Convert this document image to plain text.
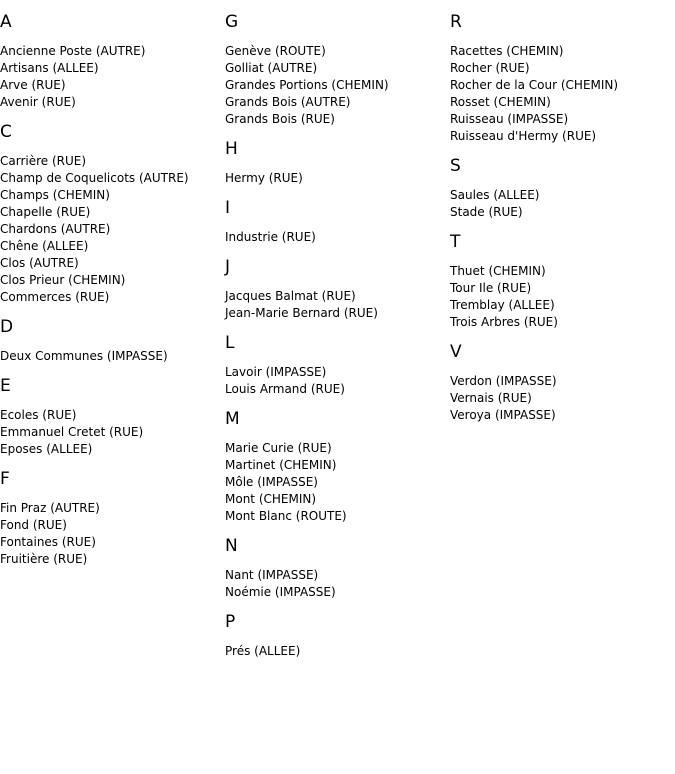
A
Ancienne Poste (AUTRE)
Artisans (ALLEE)
Arve (RUE)
Avenir (RUE)
C
Carrière (RUE)
Champ de Coquelicots (AUTRE)
Champs (CHEMIN)
Chapelle (RUE)
Chardons (AUTRE)
Chêne (ALLEE)
Clos (AUTRE)
Clos Prieur (CHEMIN)
Commerces (RUE)
D
Deux Communes (IMPASSE)
E
Ecoles (RUE)
Emmanuel Cretet (RUE)
Eposes (ALLEE)
F
Fin Praz (AUTRE)
Fond (RUE)
Fontaines (RUE)
Fruitière (RUE)
G
Genève (ROUTE)
Golliat (AUTRE)
Grandes Portions (CHEMIN)
Grands Bois (AUTRE)
Grands Bois (RUE)
H
Hermy (RUE)
I
Industrie (RUE)
J
Jacques Balmat (RUE)
Jean-Marie Bernard (RUE)
L
Lavoir (IMPASSE)
Louis Armand (RUE)
M
Marie Curie (RUE)
Martinet (CHEMIN)
Môle (IMPASSE)
Mont (CHEMIN)
Mont Blanc (ROUTE)
N
Nant (IMPASSE)
Noémie (IMPASSE)
P
Prés (ALLEE)
R
Racettes (CHEMIN)
Rocher (RUE)
Rocher de la Cour (CHEMIN)
Rosset (CHEMIN)
Ruisseau (IMPASSE)
Ruisseau d'Hermy (RUE)
S
Saules (ALLEE)
Stade (RUE)
T
Thuet (CHEMIN)
Tour Ile (RUE)
Tremblay (ALLEE)
Trois Arbres (RUE)
V
Verdon (IMPASSE)
Vernais (RUE)
Veroya (IMPASSE)
